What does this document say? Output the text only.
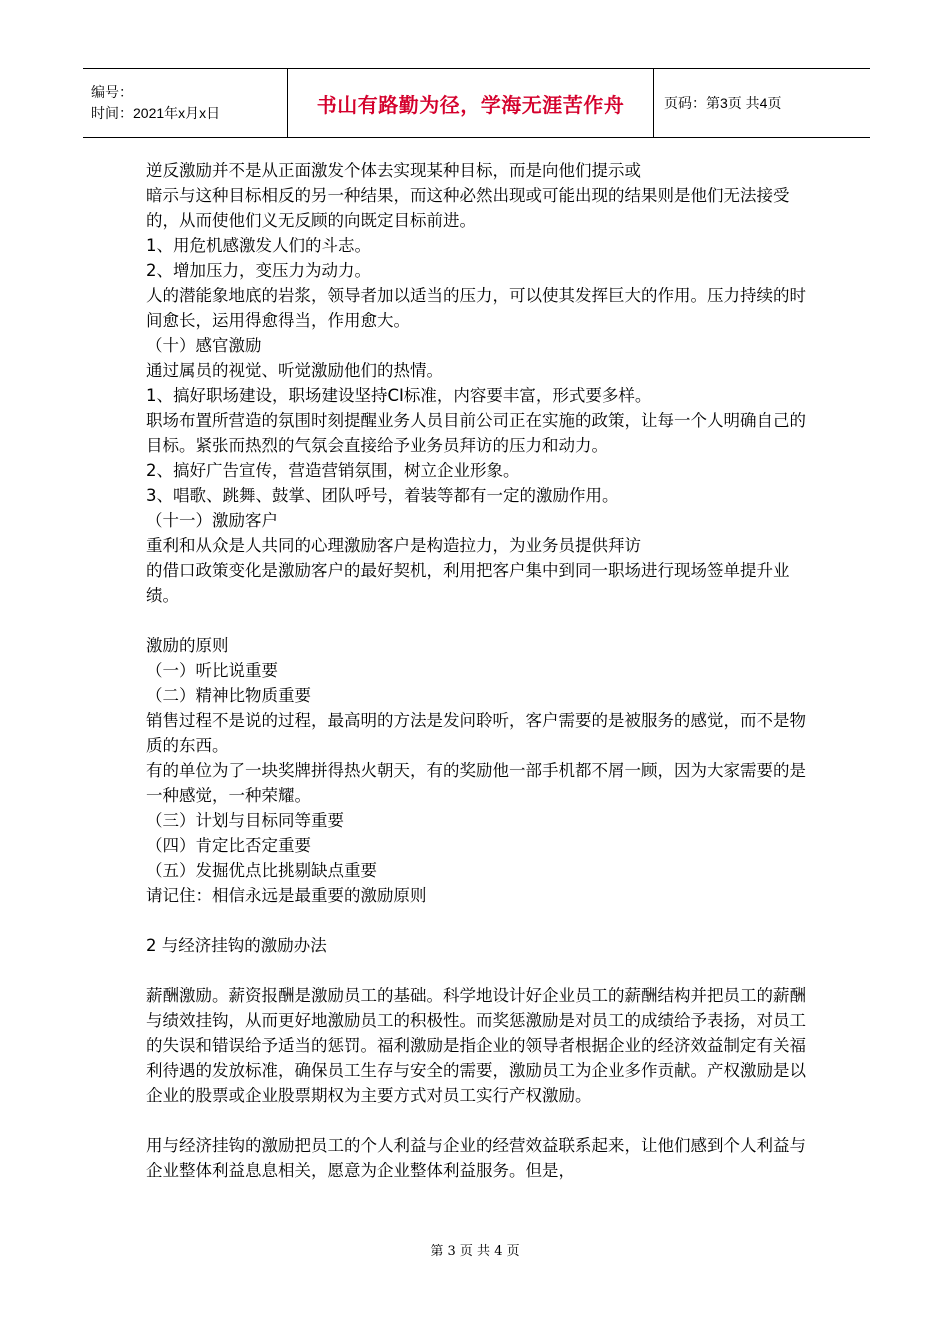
编号：
时间：2021年x月x日	书山有路勤为径，学海无涯苦作舟	页码：第3页 共4页

逆反激励并不是从正面激发个体去实现某种目标，而是向他们提示或

暗示与这种目标相反的另一种结果，而这种必然出现或可能出现的结果则是他们无法接受的，从而使他们义无反顾的向既定目标前进。

1、用危机感激发人们的斗志。

2、增加压力，变压力为动力。

人的潜能象地底的岩浆，领导者加以适当的压力，可以使其发挥巨大的作用。压力持续的时间愈长，运用得愈得当，作用愈大。

（十）感官激励

通过属员的视觉、听觉激励他们的热情。

1、搞好职场建设，职场建设坚持CI标准，内容要丰富，形式要多样。

职场布置所营造的氛围时刻提醒业务人员目前公司正在实施的政策，让每一个人明确自己的目标。紧张而热烈的气氛会直接给予业务员拜访的压力和动力。

2、搞好广告宣传，营造营销氛围，树立企业形象。

3、唱歌、跳舞、鼓掌、团队呼号，着装等都有一定的激励作用。

（十一）激励客户

重利和从众是人共同的心理激励客户是构造拉力，为业务员提供拜访

的借口政策变化是激励客户的最好契机，利用把客户集中到同一职场进行现场签单提升业绩。

激励的原则

（一）听比说重要

（二）精神比物质重要

销售过程不是说的过程，最高明的方法是发问聆听，客户需要的是被服务的感觉，而不是物质的东西。

有的单位为了一块奖牌拼得热火朝天，有的奖励他一部手机都不屑一顾，因为大家需要的是一种感觉，一种荣耀。

（三）计划与目标同等重要

（四）肯定比否定重要

（五）发掘优点比挑剔缺点重要

请记住：相信永远是最重要的激励原则

2 与经济挂钩的激励办法

薪酬激励。薪资报酬是激励员工的基础。科学地设计好企业员工的薪酬结构并把员工的薪酬与绩效挂钩，从而更好地激励员工的积极性。而奖惩激励是对员工的成绩给予表扬，对员工的失误和错误给予适当的惩罚。福利激励是指企业的领导者根据企业的经济效益制定有关福利待遇的发放标准，确保员工生存与安全的需要，激励员工为企业多作贡献。产权激励是以企业的股票或企业股票期权为主要方式对员工实行产权激励。

用与经济挂钩的激励把员工的个人利益与企业的经营效益联系起来，让他们感到个人利益与企业整体利益息息相关，愿意为企业整体利益服务。但是，

第 3 页 共 4 页
